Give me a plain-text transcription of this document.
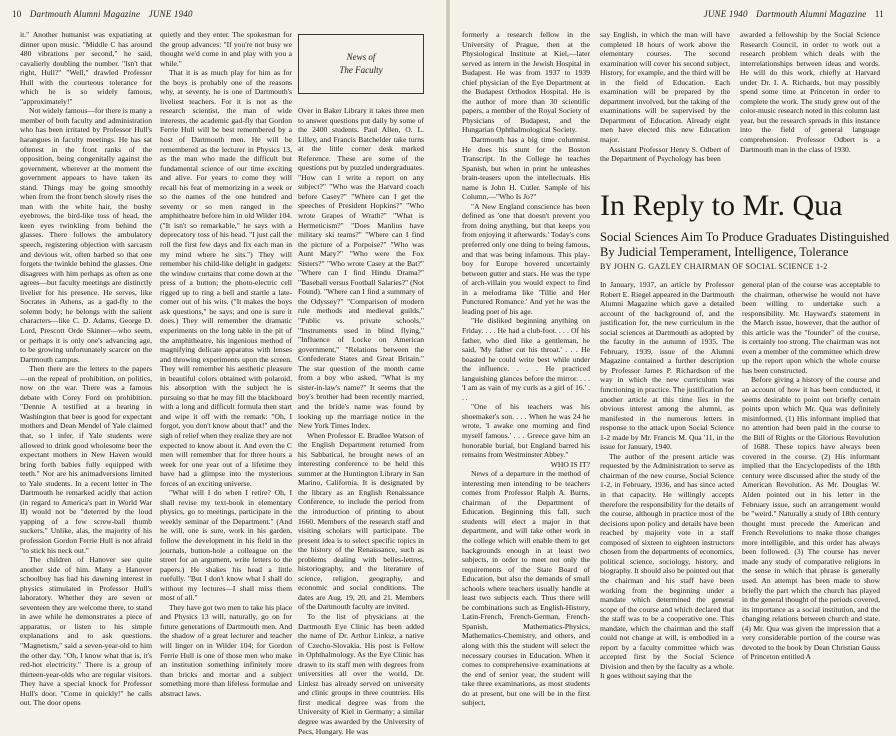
10 Dartmouth Alumni Magazine JUNE 1940

it." Another humanist was expatiating at dinner upon music. "Middle C has around 480 vibrations per second," he said, cavalierly doubling the number. "Isn't that right, Hull?" "Well," drawled Professor Hull with the courteous tolerance for which he is so widely famous, "approximately!"

Not widely famous—for there is many a member of both faculty and administration who has been irritated by Professor Hull's harangues in faculty meetings. He has sat oftenest in the front ranks of the opposition, being congenitally against the government, wherever at the moment the government appears to have taken its stand. Things may be going smoothly when from the front bench slowly rises the man with the white hair, the bushy eyebrows, the bird-like toss of head, the keen eyes twinkling from behind the glasses. There follows the ambulatory speech, registering objection with sarcasm and devious wit, often barbed so that one forgets the twinkle behind the glasses. One disagrees with him perhaps as often as one agrees—but faculty meetings are distinctly livelier for his presence. He serves, like Socrates in Athens, as a gad-fly to the solemn body; he belongs with the salient characters—like C. D. Adams, George D. Lord, Prescott Orde Skinner—who seem, or perhaps it is only one's advancing age, to be growing unfortunately scarcer on the Dartmouth campus.

Then there are the letters to the papers—on the repeal of prohibition, on politics, now on the war. There was a famous debate with Corey Ford on prohibition. "Dennie A testified at a hearing in Washington that beer is good for expectant mothers and Dean Mendel of Yale claimed that, so I infer, if Yale students were allowed to drink good wholesome beer the expectant mothers in New Haven would bring forth babies fully equipped with teeth." Nor are his animadversions limited to Yale students. In a recent letter in The Dartmouth he remarked acidly that action (in regard to America's part in World War II) would not be "deterred by the loud yapping of a few screw-ball thumb suckers." Unlike, alas, the majority of his profession Gordon Ferrie Hull is not afraid "to stick his neck out."

The children of Hanover see quite another side of him. Many a Hanover schoolboy has had his dawning interest in physics stimulated in Professor Hull's laboratory. Whether they are seven or seventeen they are welcome there, to stand in awe while he demonstrates a piece of apparatus, or listen to his simple explanations and to ask questions. "Magnetism," said a seven-year-old to him the other day. "Oh, I know what that is, it's red-hot electricity." There is a group of thirteen-year-olds who are regular visitors. They have a special knock for Professor Hull's door. "Come in quickly!" he calls out. The door opens

quietly and they enter. The spokesman for the group advances: "If you're not busy we thought we'd come in and play with you a while."

That it is as much play for him as for the boys is probably one of the reasons why, at seventy, he is one of Dartmouth's liveliest teachers. For it is not as the research scientist, the man of wide interests, the academic gad-fly that Gordon Ferrie Hull will be best remembered by a host of Dartmouth men. He will be remembered as the lecturer in Physics 13, as the man who made the difficult but fundamental science of our time exciting and alive. For years to come they will recall his feat of memorizing in a week or so the names of the one hundred and seventy or so men ranged in the amphitheatre before him in old Wilder 104. ("It isn't so remarkable," he says with a deprecatory toss of his head. "I just call the roll the first few days and fix each man in my mind where he sits.") They will remember his child-like delight in gadgets: the window curtains that come down at the press of a button; the photo-electric cell rigged up to ring a bell and startle a late-comer out of his wits. ("It makes the boys ask questions," he says; and one is sure it does.) They will remember the dramatic experiments on the long table in the pit of the amphitheatre, his ingenious method of magnifying delicate apparatus with lenses and throwing experiments upon the screen. They will remember his aesthetic pleasure in beautiful colors obtained with polaroid, his absorption with the subject he is pursuing so that he may fill the blackboard with a long and difficult formula then start and wipe it off with the remark: "Oh, I forgot, you don't know about that!" and the sigh of relief when they realize they are not expected to know about it. And even the C men will remember that for three hours a week for one year out of a lifetime they have had a glimpse into the mysterious forces of an exciting universe.

"What will I do when I retire? Oh, I shall revise my text-book in elementary physics, go to meetings, participate in the weekly seminar of the Department." (And he will, one is sure, work in his garden, follow the development in his field in the journals, button-hole a colleague on the street for an argument, write letters to the papers.) He shakes his head a little ruefully. "But I don't know what I shall do without my lectures—I shall miss them most of all."

They have got two men to take his place and Physics 13 will, naturally, go on for future generations of Dartmouth men. And the shadow of a great lecturer and teacher will linger on in Wilder 104; for Gordon Ferrie Hull is one of those men who make an institution something infinitely more than bricks and mortar and a subject something more than lifeless formulae and abstract laws.

News of
The Faculty

Over in Baker Library it takes three men to answer questions put daily by some of the 2400 students. Paul Allen, O. L. Lilley, and Francis Batchelder take turns at the little corner desk marked Reference. These are some of the questions put by puzzled undergraduates. "How can I write a report on any subject?" "Who was the Harvard coach before Casey?" "Where can I get the speeches of President Hopkins?" "Who wrote Grapes of Wrath?" "What is Hermeticism?" "Does Manlius have military ski teams?" "Where can I find the picture of a Porpoise?" "Who was Aunt Mary?" "Who were the Fox Sisters?" "Who wrote Casey at the Bat?" "Where can I find Hindu Drama?" "Baseball versus Football Salaries?" (Not Found). "Where can I find a summary of the Odyssey?" "Comparison of modern rule methods and medieval guilds," "Public vs. private schools," "Instruments used in blind flying," "Influence of Locke on American government," "Relations between the Confederate States and Great Britain." The star question of the month came from a boy who asked, "What is my sister-in-law's name?" It seems that the boy's brother had been recently married, and the bride's name was found by looking up the marriage notice in the New York Times Index.

When Professor E. Bradlee Watson of the English Department returned from his Sabbatical, he brought news of an interesting conference to be held this summer at the Huntington Library in San Marino, California. It is designated by the library as an English Renaissance Conference, to include the period from the introduction of printing to about 1660. Members of the research staff and visiting scholars will participate. The present idea is to select specific topics in the history of the Renaissance, such as problems dealing with belles-lettres, historiography, and the literature of science, religion, geography, and economic and social conditions. The dates are Aug. 19, 20, and 21. Members of the Dartmouth faculty are invited.

To the list of physicians at the Dartmouth Eye Clinic has been added the name of Dr. Arthur Linksz, a native of Czecho-Slovakia. His post is Fellow in Ophthalmology. As the Eye Clinic has drawn to its staff men with degrees from universities all over the world, Dr. Linksz has already served on university and clinic groups in three countries. His first medical degree was from the University of Kiel in Germany; a similar degree was awarded by the University of Pecs, Hungary. He was

JUNE 1940 Dartmouth Alumni Magazine 11

formerly a research fellow in the University of Prague, then at the Physiological Institute at Kiel,—later served as intern in the Jewish Hospital in Budapest. He was from 1937 to 1939 chief physician of the Eye Department at the Budapest Orthodox Hospital. He is the author of more than 30 scientific papers, a member of the Royal Society of Physicians of Budapest, and the Hungarian Ophthalmological Society.

Dartmouth has a big time columnist. He does his stunt for the Boston Transcript. In the College he teaches Spanish, but when in print he unleashes brain-teasers upon the intellectuals. His name is John H. Cutler. Sample of his Column,—"Who Is Jo?"

"A New England conscience has been defined as 'one that doesn't prevent you from doing anything, but that keeps you from enjoying it afterwards.' Today's cons preferred only one thing to being famous, and that was being infamous. This play-boy for Europe hovered uncertainly between gutter and stars. He was the type of arch-villain you would expect to find in a melodrama like 'Tillie and Her Punctured Romance.' And yet he was the leading poet of his age.

"He disliked beginning anything on Friday. . . . He had a club-foot. . . . Of his father, who died like a gentleman, he said, 'My father cut his throat.' . . . He boasted he could write best while under the influence. . . . He practiced languishing glances before the mirror. . . . 'I am as vain of my curls as a girl of 16.' . . .

"One of his teachers was his shoemaker's son. . . . When he was 24 he wrote, 'I awake one morning and find myself famous.' . . . Greece gave him an honorable burial, but England barred his remains from Westminster Abbey."

WHO IS IT?

News of a departure in the method of interesting men intending to be teachers comes from Professor Ralph A. Burns, chairman of the Department of Education. Beginning this fall, such students will elect a major in that department, and will take other work in the college which will enable them to get backgrounds enough in at least two subjects, in order to meet not only the requirements of the State Board of Education, but also the demands of small schools where teachers usually handle at least two subjects each. Thus there will be combinations such as English-History, Latin-French, French-German, French-Spanish, Mathematics-Physics, Mathematics-Chemistry, and others, and along with this the student will select the necessary courses in Education. When it comes to comprehensive examinations at the end of senior year, the student will take three examinations, as most students do at present, but one will be in the first subject,

say English, in which the man will have completed 18 hours of work above the elementary courses. The second examination will cover his second subject, History, for example, and the third will be in the field of Education. Each examination will be prepared by the department involved, but the taking of the examinations will be supervised by the Department of Education. Already eight men have elected this new Education major.

Assistant Professor Henry S. Odbert of the Department of Psychology has been

awarded a fellowship by the Social Science Research Council, in order to work out a research problem which deals with the interrelationships between ideas and words. He will do this work, chiefly at Harvard under Dr. I. A. Richards, but may possibly spend some time at Princeton in order to complete the work. The study grew out of the color-music research noted in this column last year, but the research spreads in this instance into the field of general language comprehension. Professor Odbert is a Dartmouth man in the class of 1930.

In Reply to Mr. Qua
Social Sciences Aim To Produce Graduates Distinguished
By Judicial Temperament, Intelligence, Tolerance
BY JOHN G. GAZLEY CHAIRMAN OF SOCIAL SCIENCE 1-2

In January, 1937, an article by Professor Robert E. Riegel appeared in the Dartmouth Alumni Magazine which gave a detailed account of the background of, and the justification for, the new curriculum in the social sciences at Dartmouth as adopted by the faculty in the autumn of 1935. The February, 1939, issue of the Alumni Magazine contained a further description by Professor James P. Richardson of the way in which the new curriculum was functioning in practice. The justification for another article at this time lies in the obvious interest among the alumni, as manifested in the numerous letters in response to the attack upon Social Science 1-2 made by Mr. Francis M. Qua '11, in the issue for January, 1940.

The author of the present article was requested by the Administration to serve as chairman of the new course, Social Science 1-2, in February, 1936, and has since acted in that capacity. He willingly accepts therefore the responsibility for the details of the course, although in practice most of the decisions upon policy and details have been reached by majority vote in a staff composed of sixteen to eighteen instructors chosen from the departments of economics, political science, sociology, history, and biography. It should also be pointed out that the chairman and his staff have been working from the beginning under a mandate which determined the general scope of the course and which declared that the staff was to be a cooperative one. This mandate, which the chairman and the staff could not change at will, is embodied in a report by a faculty committee which was accepted first by the Social Science Division and then by the faculty as a whole. It goes without saying that the

general plan of the course was acceptable to the chairman, otherwise he would not have been willing to undertake such a responsibility. Mr. Hayward's statement in the March issue, however, that the author of this article was the "founder" of the course, is certainly too strong. The chairman was not even a member of the committee which drew up the report upon which the whole course has been constructed.

Before giving a history of the course and an account of how it has been conducted, it seems desirable to point out briefly certain points upon which Mr. Qua was definitely misinformed. (1) His informant implied that no attention had been paid in the course to the Bill of Rights or the Glorious Revolution of 1688. These topics have always been covered in the course. (2) His informant implied that the Encyclopedists of the 18th century were discussed after the study of the American Revolution. As Mr. Douglas W. Alden pointed out in his letter in the February issue, such an arrangement would be "weird." Naturally a study of 18th century thought must precede the American and French Revolutions to make those changes more intelligible, and this order has always been followed. (3) The course has never made any study of comparative religions in the sense in which that phrase is generally used. An attempt has been made to show briefly the part which the church has played in the general thought of the periods covered, its importance as a social institution, and the changing relations between church and state. (4) Mr. Qua was given the impression that a very considerable portion of the course was devoted to the book by Dean Christian Gauss of Princeton entitled A
